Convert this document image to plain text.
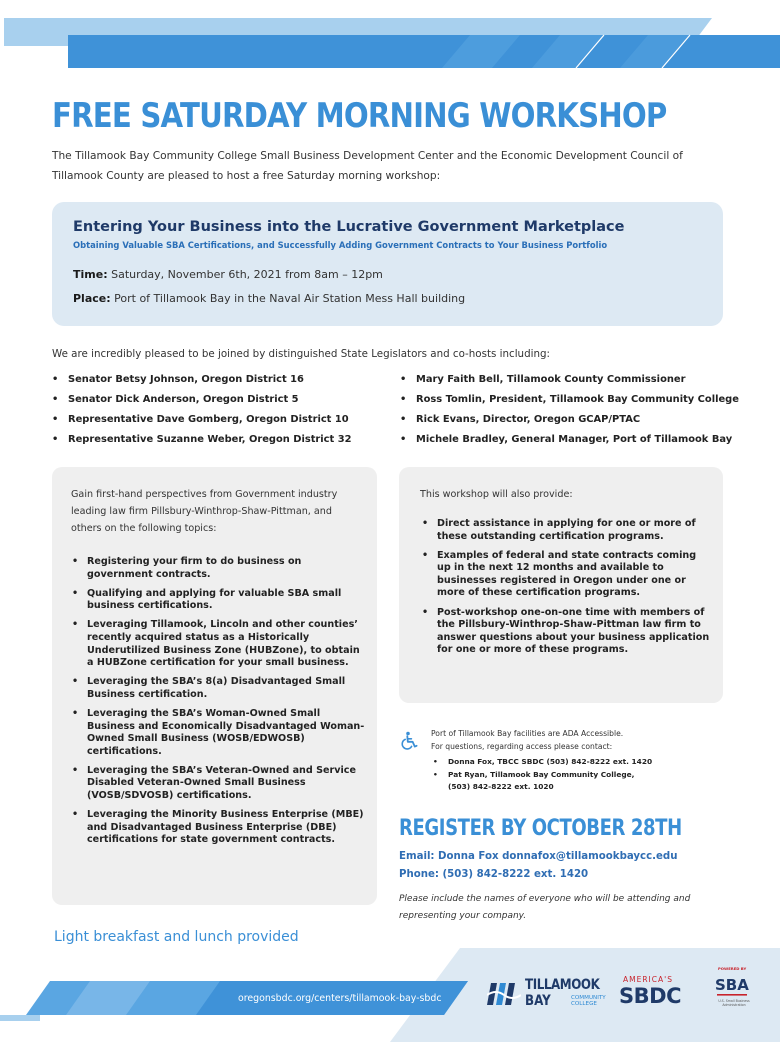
FREE SATURDAY MORNING WORKSHOP
The Tillamook Bay Community College Small Business Development Center and the Economic Development Council of Tillamook County are pleased to host a free Saturday morning workshop:
Entering Your Business into the Lucrative Government Marketplace
Obtaining Valuable SBA Certifications, and Successfully Adding Government Contracts to Your Business Portfolio
Time: Saturday, November 6th, 2021 from 8am – 12pm
Place: Port of Tillamook Bay in the Naval Air Station Mess Hall building
We are incredibly pleased to be joined by distinguished State Legislators and co-hosts including:
• Senator Betsy Johnson, Oregon District 16
• Senator Dick Anderson, Oregon District 5
• Representative Dave Gomberg, Oregon District 10
• Representative Suzanne Weber, Oregon District 32
• Mary Faith Bell, Tillamook County Commissioner
• Ross Tomlin, President, Tillamook Bay Community College
• Rick Evans, Director, Oregon GCAP/PTAC
• Michele Bradley, General Manager, Port of Tillamook Bay
Gain first-hand perspectives from Government industry leading law firm Pillsbury-Winthrop-Shaw-Pittman, and others on the following topics:
• Registering your firm to do business on government contracts.
• Qualifying and applying for valuable SBA small business certifications.
• Leveraging Tillamook, Lincoln and other counties’ recently acquired status as a Historically Underutilized Business Zone (HUBZone), to obtain a HUBZone certification for your small business.
• Leveraging the SBA’s 8(a) Disadvantaged Small Business certification.
• Leveraging the SBA’s Woman-Owned Small Business and Economically Disadvantaged Woman-Owned Small Business (WOSB/EDWOSB) certifications.
• Leveraging the SBA’s Veteran-Owned and Service Disabled Veteran-Owned Small Business (VOSB/SDVOSB) certifications.
• Leveraging the Minority Business Enterprise (MBE) and Disadvantaged Business Enterprise (DBE) certifications for state government contracts.
This workshop will also provide:
• Direct assistance in applying for one or more of these outstanding certification programs.
• Examples of federal and state contracts coming up in the next 12 months and available to businesses registered in Oregon under one or more of these certification programs.
• Post-workshop one-on-one time with members of the Pillsbury-Winthrop-Shaw-Pittman law firm to answer questions about your business application for one or more of these programs.
Port of Tillamook Bay facilities are ADA Accessible.
For questions, regarding access please contact:
• Donna Fox, TBCC SBDC (503) 842-8222 ext. 1420
• Pat Ryan, Tillamook Bay Community College,
(503) 842-8222 ext. 1020
REGISTER BY OCTOBER 28TH
Email: Donna Fox donnafox@tillamookbaycc.edu
Phone: (503) 842-8222 ext. 1420
Please include the names of everyone who will be attending and representing your company.
Light breakfast and lunch provided
oregonsbdc.org/centers/tillamook-bay-sbdc
TILLAMOOK
BAY	COMMUNITY
COLLEGE
AMERICA'S
SBDC
POWERED BY
SBA
U.S. Small Business Administration
